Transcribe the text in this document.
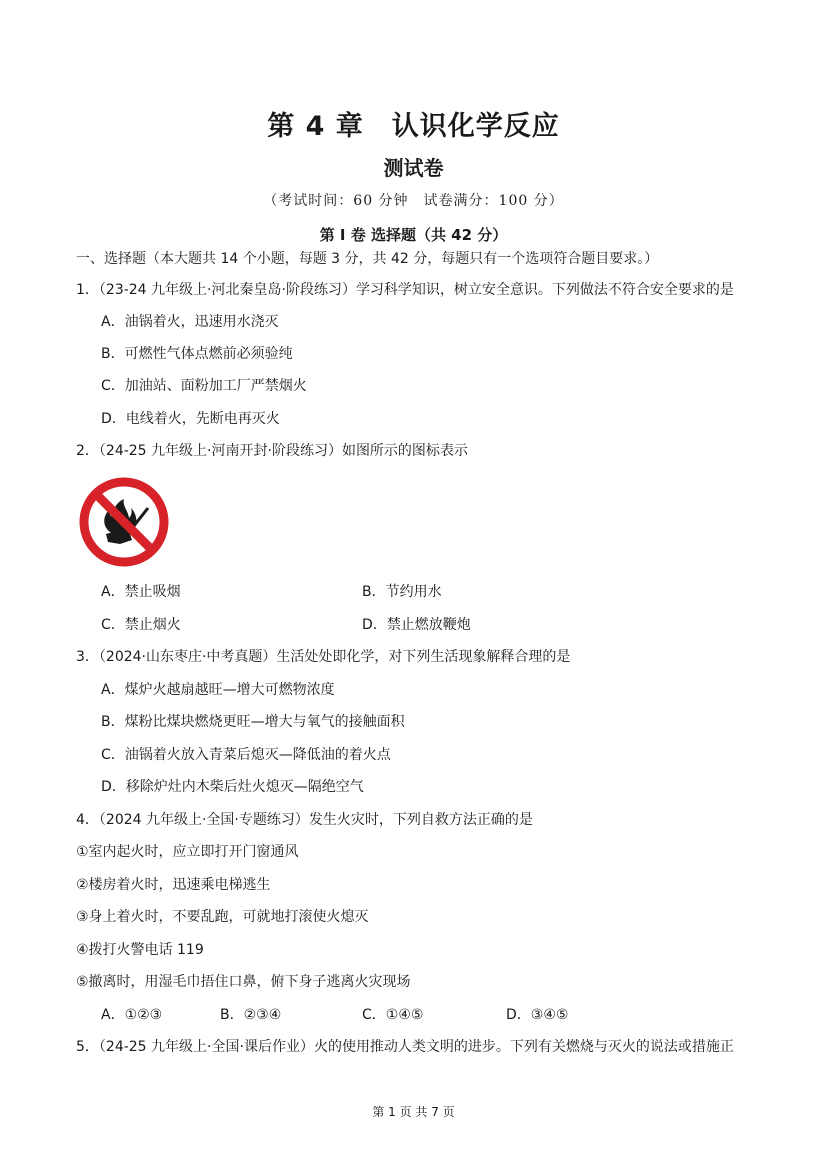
第 4 章　认识化学反应
测试卷
（考试时间：60 分钟　试卷满分：100 分）
第 I 卷 选择题（共 42 分）
一、选择题（本大题共 14 个小题，每题 3 分，共 42 分，每题只有一个选项符合题目要求。）
1．（23-24 九年级上·河北秦皇岛·阶段练习）学习科学知识，树立安全意识。下列做法不符合安全要求的是
A．油锅着火，迅速用水浇灭
B．可燃性气体点燃前必须验纯
C．加油站、面粉加工厂严禁烟火
D．电线着火，先断电再灭火
2．（24-25 九年级上·河南开封·阶段练习）如图所示的图标表示
A．禁止吸烟	B．节约用水
C．禁止烟火	D．禁止燃放鞭炮
3．（2024·山东枣庄·中考真题）生活处处即化学，对下列生活现象解释合理的是
A．煤炉火越扇越旺—增大可燃物浓度
B．煤粉比煤块燃烧更旺—增大与氧气的接触面积
C．油锅着火放入青菜后熄灭—降低油的着火点
D．移除炉灶内木柴后灶火熄灭—隔绝空气
4．（2024 九年级上·全国·专题练习）发生火灾时，下列自救方法正确的是
①室内起火时，应立即打开门窗通风
②楼房着火时，迅速乘电梯逃生
③身上着火时，不要乱跑，可就地打滚使火熄灭
④拨打火警电话 119
⑤撤离时，用湿毛巾捂住口鼻，俯下身子逃离火灾现场
A．①②③	B．②③④	C．①④⑤	D．③④⑤
5．（24-25 九年级上·全国·课后作业）火的使用推动人类文明的进步。下列有关燃烧与灭火的说法或措施正
第 1 页 共 7 页
